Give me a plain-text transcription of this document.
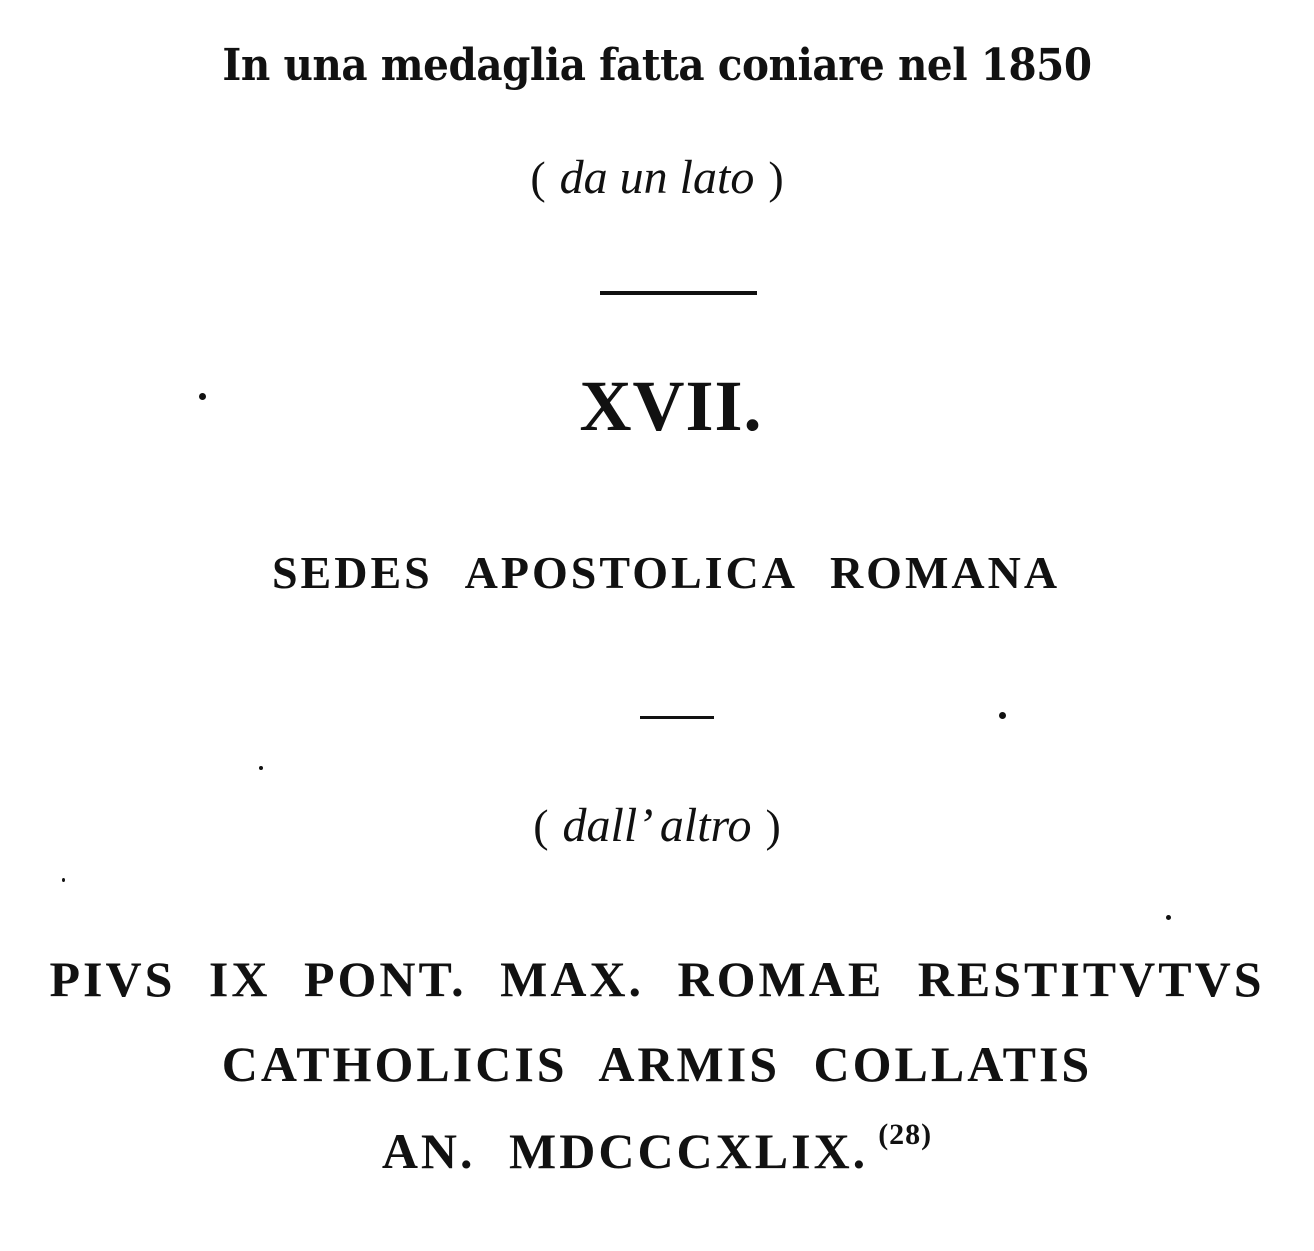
In una medaglia fatta coniare nel 1850
( da un lato )
XVII.
SEDES APOSTOLICA ROMANA
( dall’ altro )
PIVS IX PONT. MAX. ROMAE RESTITVTVS
CATHOLICIS ARMIS COLLATIS
AN. MDCCCXLIX. $^{(28)}$
